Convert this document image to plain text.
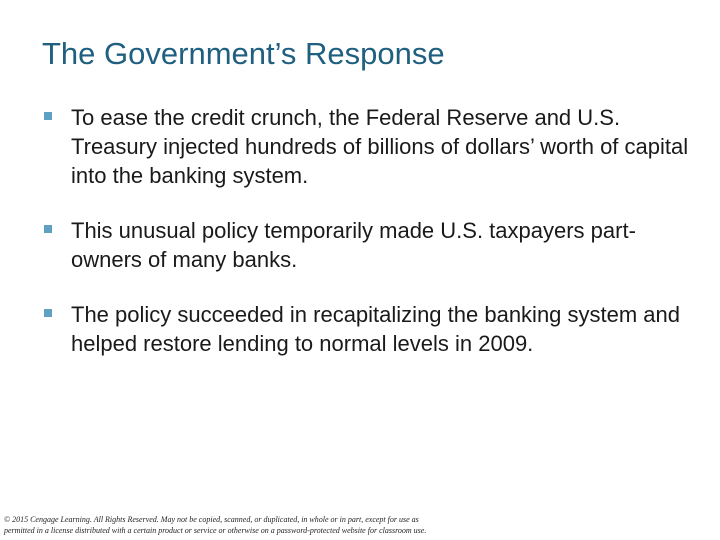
The Government’s Response
To ease the credit crunch, the Federal Reserve and U.S. Treasury injected hundreds of billions of dollars’ worth of capital into the banking system.
This unusual policy temporarily made U.S. taxpayers part-owners of many banks.
The policy succeeded in recapitalizing the banking system and helped restore lending to normal levels in 2009.

© 2015 Cengage Learning. All Rights Reserved. May not be copied, scanned, or duplicated, in whole or in part, except for use as
permitted in a license distributed with a certain product or service or otherwise on a password-protected website for classroom use.
